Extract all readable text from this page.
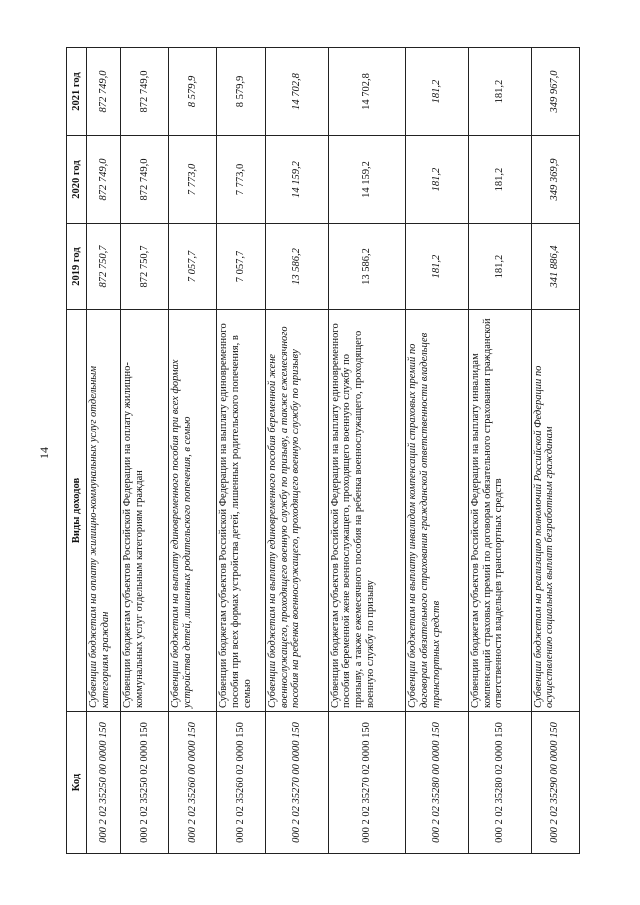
14
Код	Виды доходов	2019 год	2020 год	2021 год
000 2 02 35250 00 0000 150	Субвенции бюджетам на оплату жилищно-коммунальных услуг отдельным категориям граждан	872 750,7	872 749,0	872 749,0
000 2 02 35250 02 0000 150	Субвенции бюджетам субъектов Российской Федерации на оплату жилищно-коммунальных услуг отдельным категориям граждан	872 750,7	872 749,0	872 749,0
000 2 02 35260 00 0000 150	Субвенции бюджетам на выплату единовременного пособия при всех формах устройства детей, лишенных родительского попечения, в семью	7 057,7	7 773,0	8 579,9
000 2 02 35260 02 0000 150	Субвенции бюджетам субъектов Российской Федерации на выплату единовременного пособия при всех формах устройства детей, лишенных родительского попечения, в семью	7 057,7	7 773,0	8 579,9
000 2 02 35270 00 0000 150	Субвенции бюджетам на выплату единовременного пособия беременной жене военнослужащего, проходящего военную службу по призыву, а также ежемесячного пособия на ребенка военнослужащего, проходящего военную службу по призыву	13 586,2	14 159,2	14 702,8
000 2 02 35270 02 0000 150	Субвенции бюджетам субъектов Российской Федерации на выплату единовременного пособия беременной жене военнослужащего, проходящего военную службу по призыву, а также ежемесячного пособия на ребенка военнослужащего, проходящего военную службу по призыву	13 586,2	14 159,2	14 702,8
000 2 02 35280 00 0000 150	Субвенции бюджетам на выплату инвалидам компенсаций страховых премий по договорам обязательного страхования гражданской ответственности владельцев транспортных средств	181,2	181,2	181,2
000 2 02 35280 02 0000 150	Субвенции бюджетам субъектов Российской Федерации на выплату инвалидам компенсаций страховых премий по договорам обязательного страхования гражданской ответственности владельцев транспортных средств	181,2	181,2	181,2
000 2 02 35290 00 0000 150	Субвенции бюджетам на реализацию полномочий Российской Федерации по осуществлению социальных выплат безработным гражданам	341 886,4	349 369,9	349 967,0
